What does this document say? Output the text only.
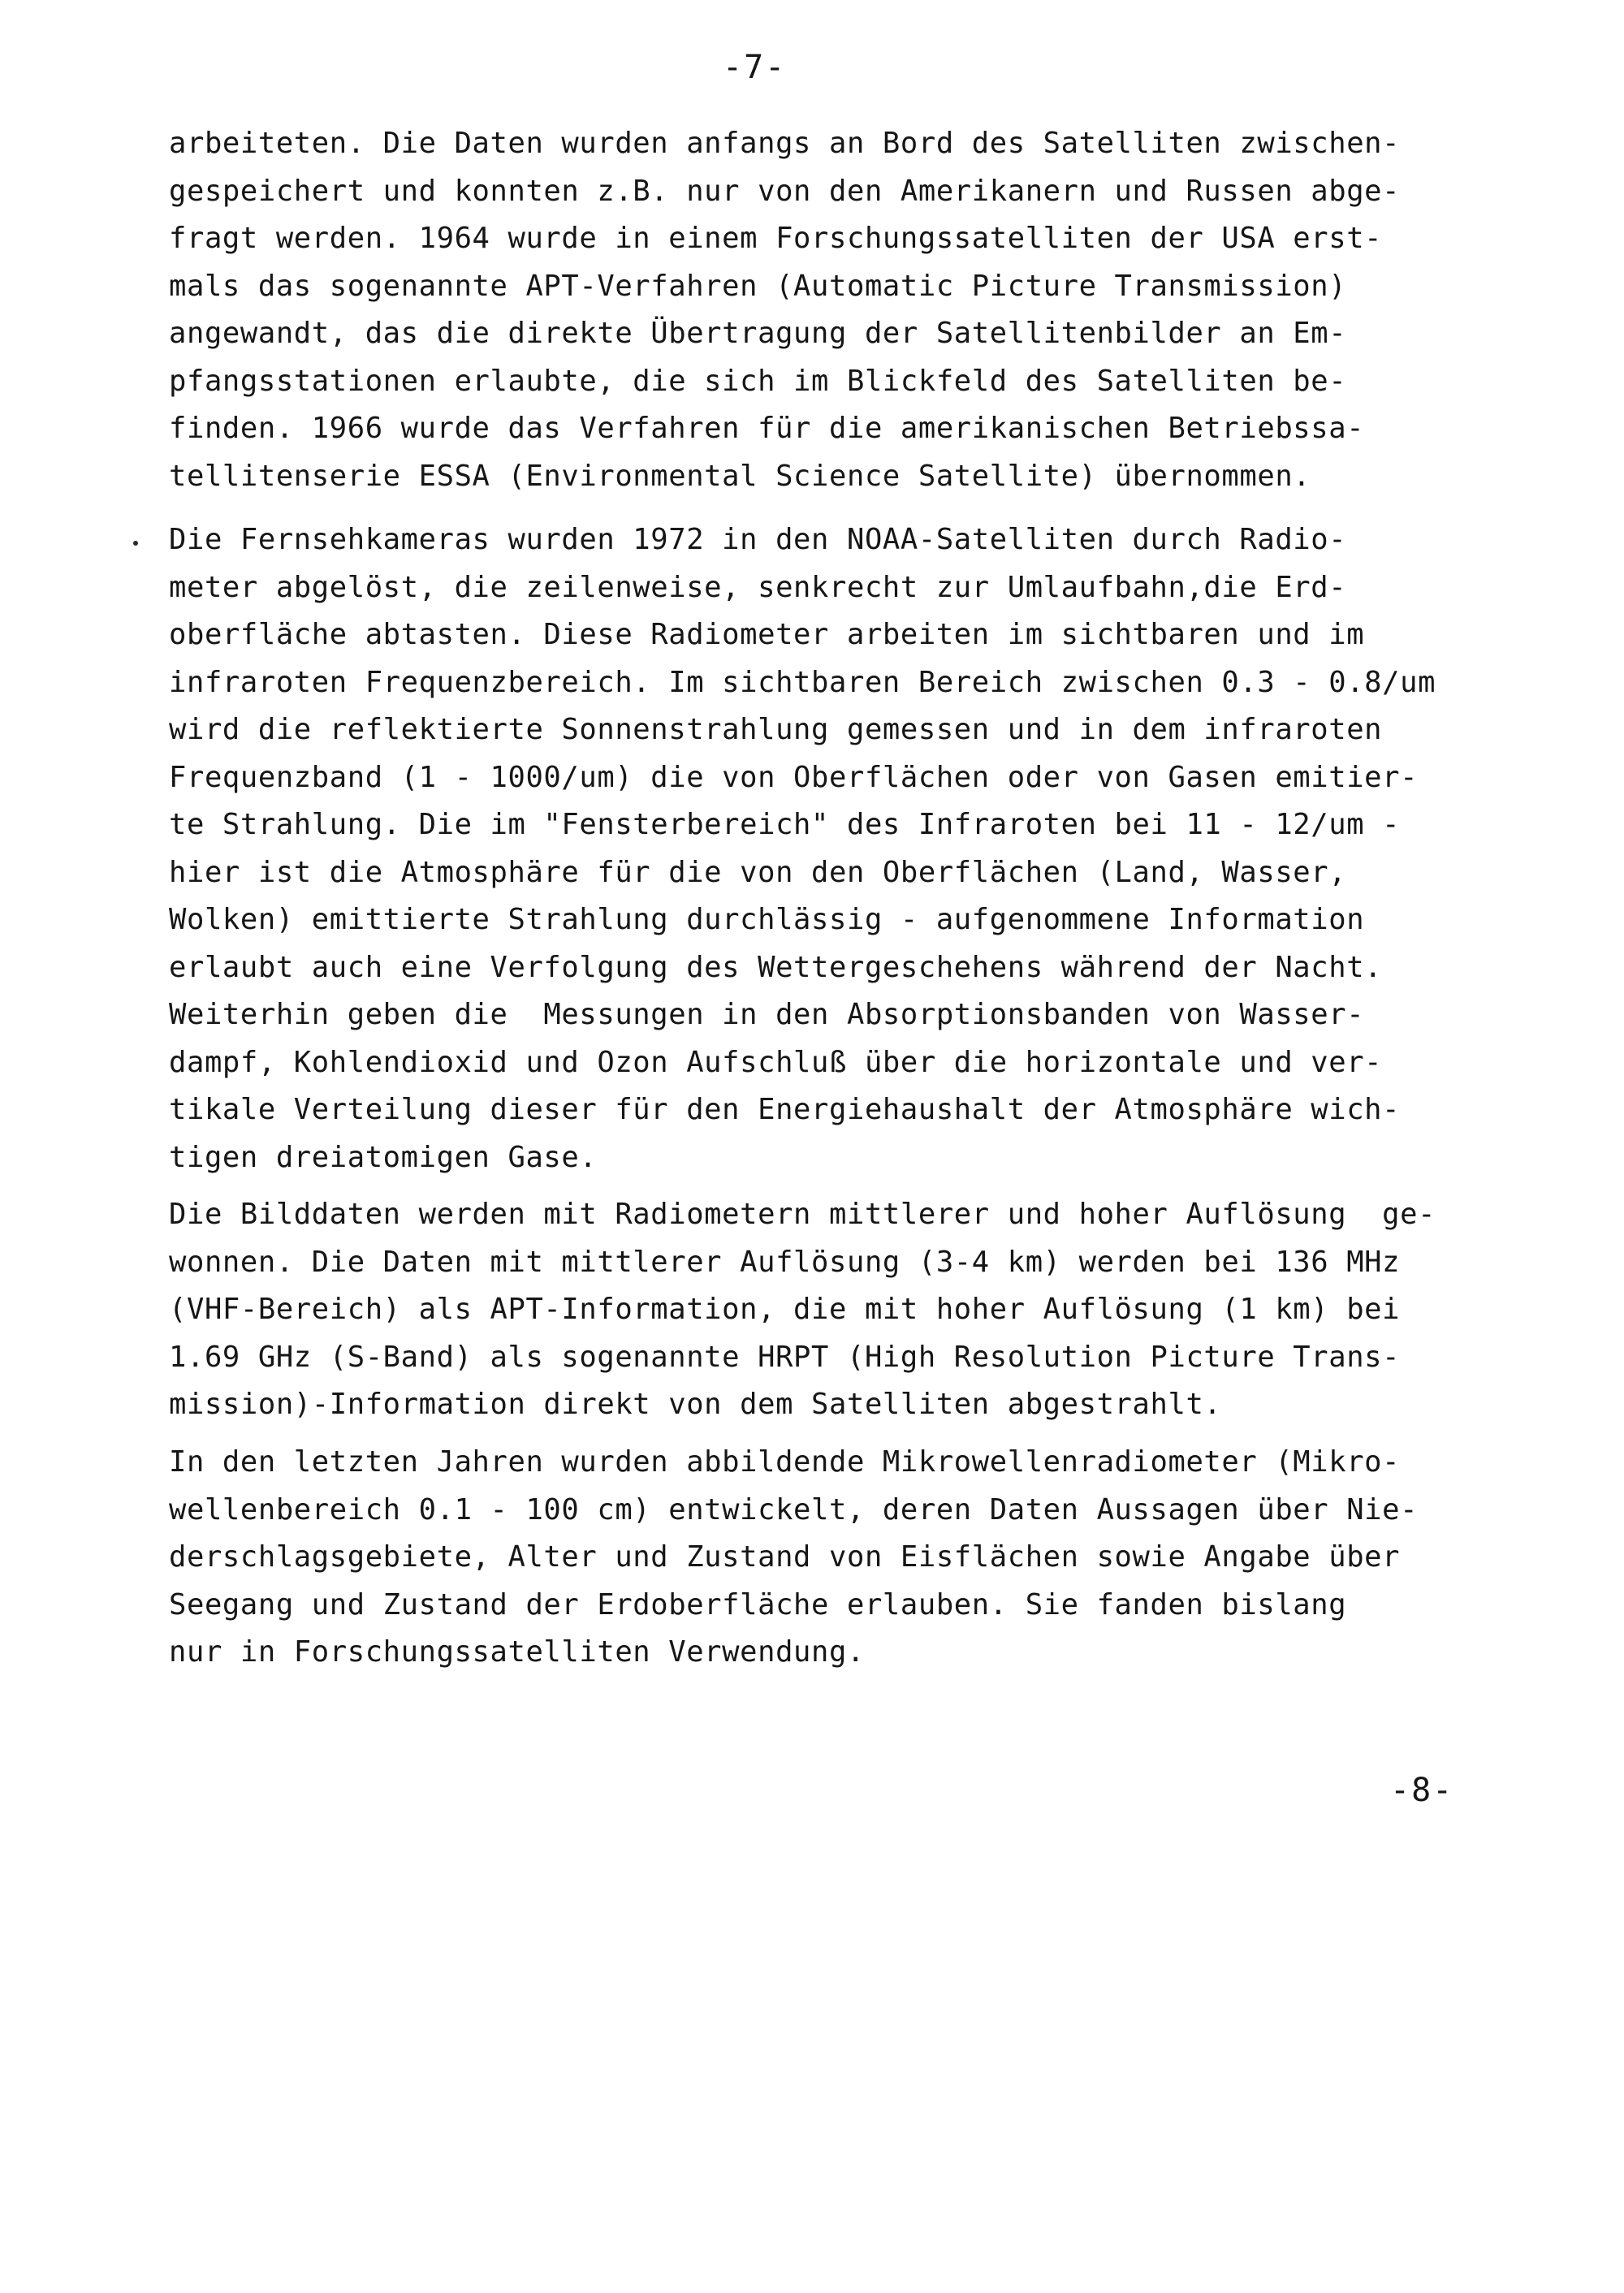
-7-
arbeiteten. Die Daten wurden anfangs an Bord des Satelliten zwischen-
gespeichert und konnten z.B. nur von den Amerikanern und Russen abge-
fragt werden. 1964 wurde in einem Forschungssatelliten der USA erst-
mals das sogenannte APT-Verfahren (Automatic Picture Transmission)
angewandt, das die direkte Übertragung der Satellitenbilder an Em-
pfangsstationen erlaubte, die sich im Blickfeld des Satelliten be-
finden. 1966 wurde das Verfahren für die amerikanischen Betriebssa-
tellitenserie ESSA (Environmental Science Satellite) übernommen.
Die Fernsehkameras wurden 1972 in den NOAA-Satelliten durch Radio-
meter abgelöst, die zeilenweise, senkrecht zur Umlaufbahn,die Erd-
oberfläche abtasten. Diese Radiometer arbeiten im sichtbaren und im
infraroten Frequenzbereich. Im sichtbaren Bereich zwischen 0.3 - 0.8/um
wird die reflektierte Sonnenstrahlung gemessen und in dem infraroten
Frequenzband (1 - 1000/um) die von Oberflächen oder von Gasen emitier-
te Strahlung. Die im "Fensterbereich" des Infraroten bei 11 - 12/um -
hier ist die Atmosphäre für die von den Oberflächen (Land, Wasser,
Wolken) emittierte Strahlung durchlässig - aufgenommene Information
erlaubt auch eine Verfolgung des Wettergeschehens während der Nacht.
Weiterhin geben die  Messungen in den Absorptionsbanden von Wasser-
dampf, Kohlendioxid und Ozon Aufschluß über die horizontale und ver-
tikale Verteilung dieser für den Energiehaushalt der Atmosphäre wich-
tigen dreiatomigen Gase.
Die Bilddaten werden mit Radiometern mittlerer und hoher Auflösung  ge-
wonnen. Die Daten mit mittlerer Auflösung (3-4 km) werden bei 136 MHz
(VHF-Bereich) als APT-Information, die mit hoher Auflösung (1 km) bei
1.69 GHz (S-Band) als sogenannte HRPT (High Resolution Picture Trans-
mission)-Information direkt von dem Satelliten abgestrahlt.
In den letzten Jahren wurden abbildende Mikrowellenradiometer (Mikro-
wellenbereich 0.1 - 100 cm) entwickelt, deren Daten Aussagen über Nie-
derschlagsgebiete, Alter und Zustand von Eisflächen sowie Angabe über
Seegang und Zustand der Erdoberfläche erlauben. Sie fanden bislang
nur in Forschungssatelliten Verwendung.
-8-
